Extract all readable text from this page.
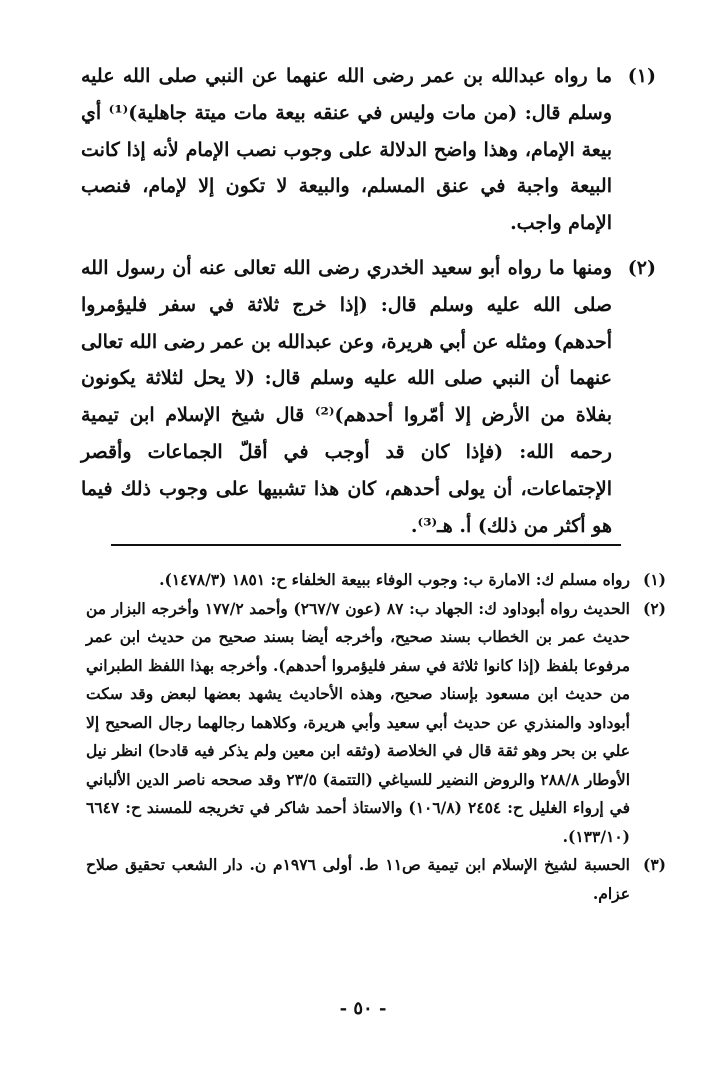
(١)
ما رواه عبدالله بن عمر رضى الله عنهما عن النبي صلى الله عليه وسلم قال: (من مات وليس في عنقه بيعة مات ميتة جاهلية)⁽¹⁾ أي بيعة الإمام، وهذا واضح الدلالة على وجوب نصب الإمام لأنه إذا كانت البيعة واجبة في عنق المسلم، والبيعة لا تكون إلا لإمام، فنصب الإمام واجب.
(٢)
ومنها ما رواه أبو سعيد الخدري رضى الله تعالى عنه أن رسول الله صلى الله عليه وسلم قال: (إذا خرج ثلاثة في سفر فليؤمروا أحدهم) ومثله عن أبي هريرة، وعن عبدالله بن عمر رضى الله تعالى عنهما أن النبي صلى الله عليه وسلم قال: (لا يحل لثلاثة يكونون بفلاة من الأرض إلا أمّروا أحدهم)⁽²⁾ قال شيخ الإسلام ابن تيمية رحمه الله: (فإذا كان قد أوجب في أقلّ الجماعات وأقصر الإجتماعات، أن يولى أحدهم، كان هذا تشبيها على وجوب ذلك فيما هو أكثر من ذلك) أ. هـ⁽³⁾.
(١)
رواه مسلم ك: الامارة ب: وجوب الوفاء ببيعة الخلفاء ح: ١٨٥١ (١٤٧٨/٣).
(٢)
الحديث رواه أبوداود ك: الجهاد ب: ٨٧ (عون ٢٦٧/٧) وأحمد ١٧٧/٢ وأخرجه البزار من حديث عمر بن الخطاب بسند صحيح، وأخرجه أيضا بسند صحيح من حديث ابن عمر مرفوعا بلفظ (إذا كانوا ثلاثة في سفر فليؤمروا أحدهم). وأخرجه بهذا اللفظ الطبراني من حديث ابن مسعود بإسناد صحيح، وهذه الأحاديث يشهد بعضها لبعض وقد سكت أبوداود والمنذري عن حديث أبي سعيد وأبي هريرة، وكلاهما رجالهما رجال الصحيح إلا علي بن بحر وهو ثقة قال في الخلاصة (وثقه ابن معين ولم يذكر فيه قادحا) انظر نيل الأوطار ٢٨٨/٨ والروض النضير للسياغي (التتمة) ٢٣/٥ وقد صححه ناصر الدين الألباني في إرواء الغليل ح: ٢٤٥٤ (١٠٦/٨) والاستاذ أحمد شاكر في تخريجه للمسند ح: ٦٦٤٧ (١٣٣/١٠).
(٣)
الحسبة لشيخ الإسلام ابن تيمية ص١١ ط. أولى ١٩٧٦م ن. دار الشعب تحقيق صلاح عزام.
- ٥٠ -
